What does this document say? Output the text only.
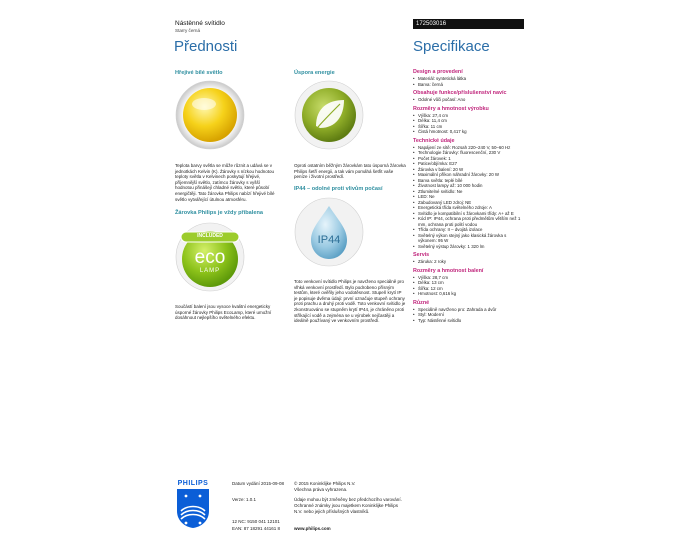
Nástěnné svítidlo
Starry černá
172503016
Přednosti	Specifikace
Hřejivé bílé světlo
Teplota barvy světla se může různit a udává se v jednotkách Kelvin (K). Žárovky s nízkou hodnotou teploty světla v Kelvinech poskytují hřejivé, příjemnější světlo, zatímco žárovky s vyšší hodnotou přinášejí chladné světlo, které působí energičtěji. Tato žárovka Philips nabízí hřejivé bílé světlo vytvářející útulnou atmosféru.
Žárovka Philips je vždy přibalena
INCLUDED
eco
LAMP
Součástí balení jsou vysoce kvalitní energeticky úsporné žárovky Philips EcoLamp, které umožní dosáhnout nejlepšího světelného efektu.
Úspora energie
Oproti ostatním běžným žárovkám tato úsporná žárovka Philips šetří energii, a tak vám pomáhá šetřit vaše peníze i životní prostředí.
IP44 – odolné proti vlivům počasí
IP44
Toto venkovní svítidlo Philips je navrženo speciálně pro vlhká venkovní prostředí. Bylo podrobeno přísným testům, které ověřily jeho vodotěsnost. Stupeň krytí IP je popisuje dvěma údaji: první označuje stupeň ochrany proti prachu a druhý proti vodě. Toto venkovní svítidlo je zkonstruováno se stupněm krytí IP44, je chráněno proti stříkající vodě a zejména se u výrobek nejčastěji a ideálně používaný ve venkovním prostředí.
Design a provedení
• Materiál: syntetická látka
• Barva: černá
Obsahuje funkce/příslušenství navíc
• Odolné vůči počasí: Ano
Rozměry a hmotnost výrobku
• Výška: 27,4 cm
• Délka: 11,4 cm
• Šířka: 11 cm
• Čistá hmotnost: 0,417 kg
Technické údaje
• Napájení ze sítě: Rozsah 220–240 V, 50–60 Hz
• Technologie žárovky: fluorescenční, 230 V
• Počet žárovek: 1
• Patice/objímka: E27
• Žárovka v balení: 20 W
• Maximální příkon náhradní žárovky: 20 W
• Barva světla: teplé bílé
• Životnost lampy až: 10 000 hodin
• Ztlumitelné svítidlo: Ne
• LED: Ne
• Zabudovaný LED zdroj: NE
• Energetická třída světelného zdroje: A
• Svítidlo je kompatibilní s žárovkami třídy: A+ až E
• Kód IP: IP44, ochrana proti předmětům větším než 1 mm, ochrana proti polití vodou
• Třída ochrany: II – dvojitá izolace
• Světelný výkon stejný jako klasická žárovka s výkonem: 95 W
• Světelný výstup žárovky: 1 320 lm
Servis
• Záruka: 2 roky
Rozměry a hmotnost balení
• Výška: 28,7 cm
• Délka: 13 cm
• Šířka: 12 cm
• Hmotnost: 0,616 kg
Různé
• Speciálně navrženo pro: Zahrada a dvůr
• Styl: Moderní
• Typ: Nástěnné svítidlo
PHILIPS	Datum vydání 2015-09-08
Verze: 1.0.1
12 NC: 9150 041 12101
EAN: 87 18291 44161 8
© 2015 Koninklijke Philips N.V.
Všechna práva vyhrazena.
Údaje mohou být změněny bez předchozího varování. Ochranné známky jsou majetkem Koninklijke Philips N.V. nebo jejich příslušných vlastníků.
www.philips.com
